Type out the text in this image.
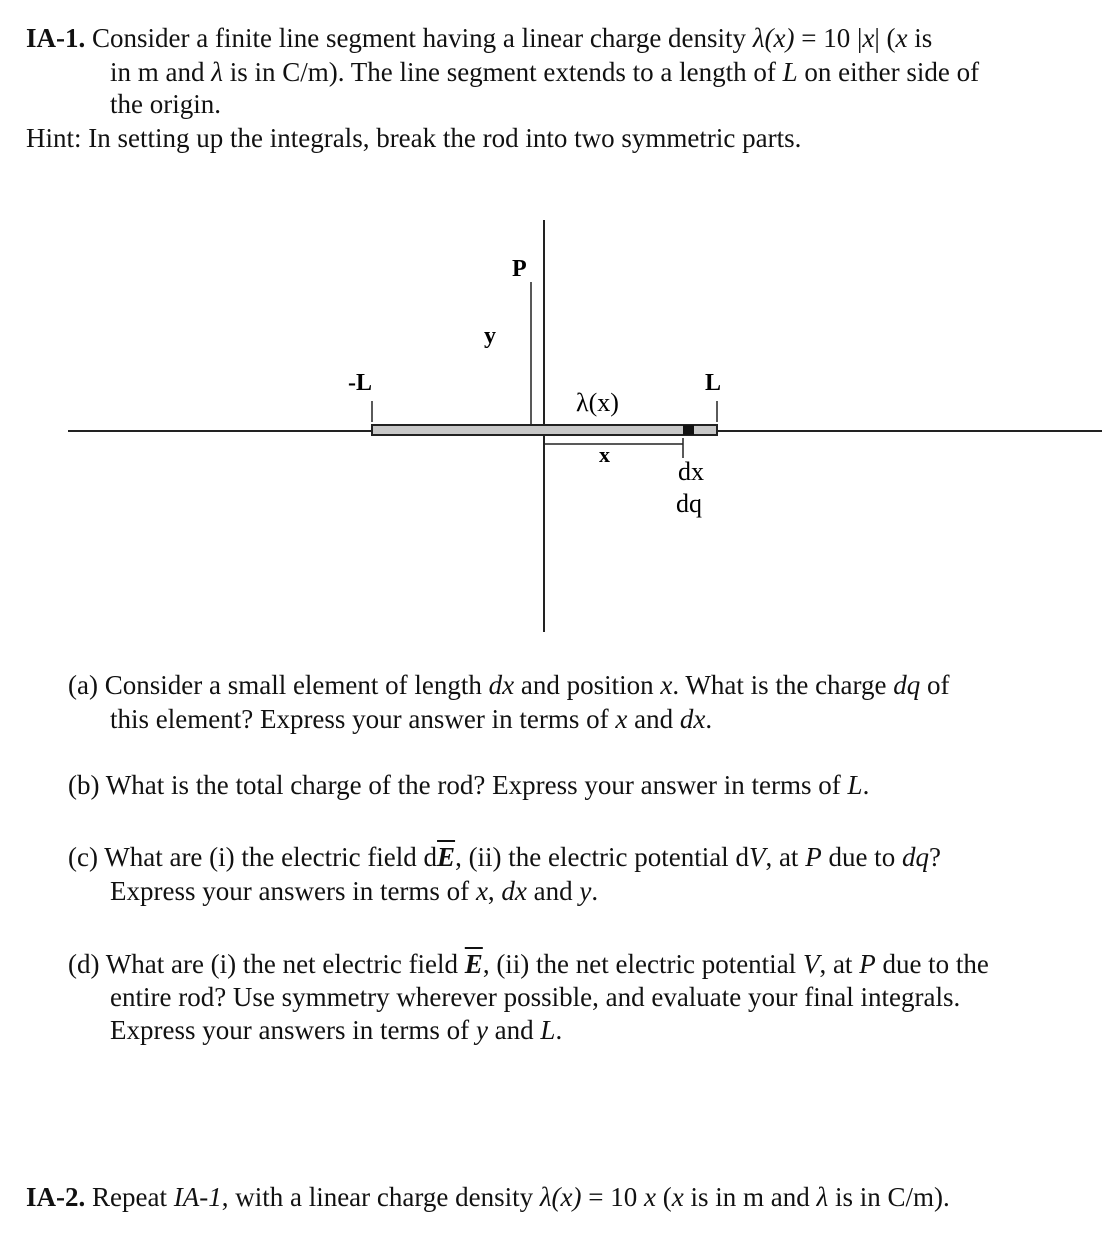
IA-1. Consider a finite line segment having a linear charge density λ(x) = 10 |x| (x is
in m and λ is in C/m). The line segment extends to a length of L on either side of
the origin.
Hint: In setting up the integrals, break the rod into two symmetric parts.
P
y
-L	L
λ(x)
x
dx
dq
(a) Consider a small element of length dx and position x. What is the charge dq of
this element? Express your answer in terms of x and dx.
(b) What is the total charge of the rod? Express your answer in terms of L.
(c) What are (i) the electric field $d\overline{E}$, (ii) the electric potential dV, at P due to dq?
Express your answers in terms of x, dx and y.
(d) What are (i) the net electric field $\overline{E}$, (ii) the net electric potential V, at P due to the
entire rod? Use symmetry wherever possible, and evaluate your final integrals.
Express your answers in terms of y and L.
IA-2. Repeat IA-1, with a linear charge density λ(x) = 10 x (x is in m and λ is in C/m).
